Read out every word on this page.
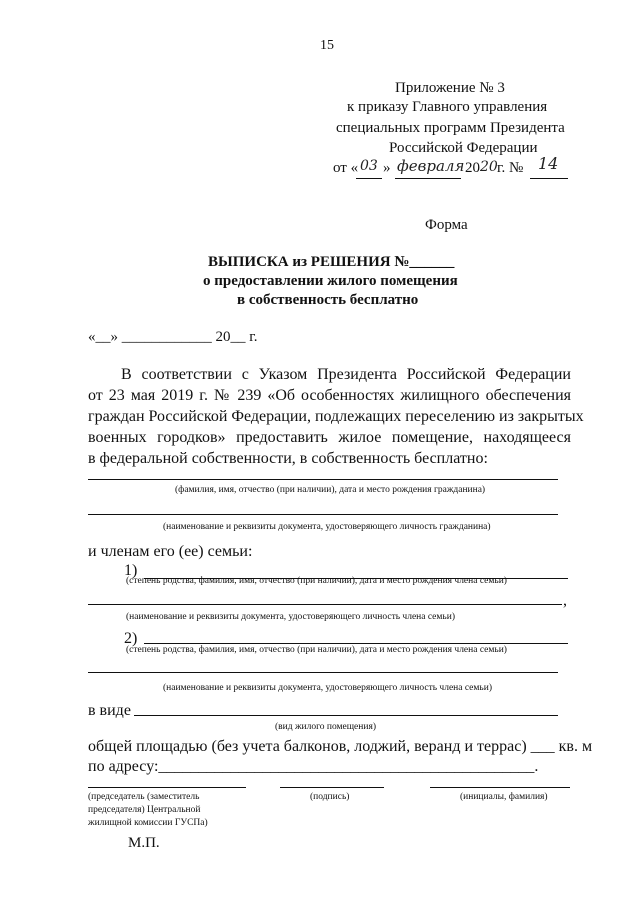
15
Приложение № 3
к приказу Главного управления
специальных программ Президента
Российской Федерации
от « 03 » февраля 20 20 г. № 14
Форма
ВЫПИСКА из РЕШЕНИЯ №______
о предоставлении жилого помещения
в собственность бесплатно
«__» ____________ 20__ г.
В соответствии с Указом Президента Российской Федерации
от 23 мая 2019 г. № 239 «Об особенностях жилищного обеспечения
граждан Российской Федерации, подлежащих переселению из закрытых
военных городков» предоставить жилое помещение, находящееся
в федеральной собственности, в собственность бесплатно:
(фамилия, имя, отчество (при наличии), дата и место рождения гражданина)
(наименование и реквизиты документа, удостоверяющего личность гражданина)
и членам его (ее) семьи:
1)
(степень родства, фамилия, имя, отчество (при наличии), дата и место рождения члена семьи)
,
(наименование и реквизиты документа, удостоверяющего личность члена семьи)
2)
(степень родства, фамилия, имя, отчество (при наличии), дата и место рождения члена семьи)
(наименование и реквизиты документа, удостоверяющего личность члена семьи)
в виде
(вид жилого помещения)
общей площадью (без учета балконов, лоджий, веранд и террас) ___ кв. м
по адресу:_______________________________________________.
(председатель (заместитель
председателя) Центральной
жилищной комиссии ГУСПа)
(подпись)	(инициалы, фамилия)
М.П.
